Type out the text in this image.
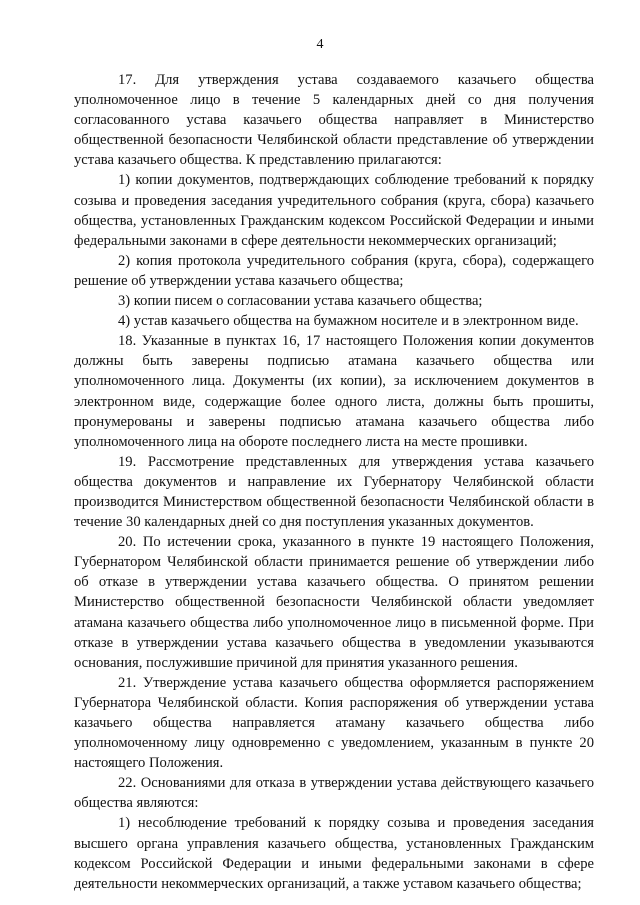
4

17. Для утверждения устава создаваемого казачьего общества уполномоченное лицо в течение 5 календарных дней со дня получения согласованного устава казачьего общества направляет в Министерство общественной безопасности Челябинской области представление об утверждении устава казачьего общества. К представлению прилагаются:

1) копии документов, подтверждающих соблюдение требований к порядку созыва и проведения заседания учредительного собрания (круга, сбора) казачьего общества, установленных Гражданским кодексом Российской Федерации и иными федеральными законами в сфере деятельности некоммерческих организаций;

2) копия протокола учредительного собрания (круга, сбора), содержащего решение об утверждении устава казачьего общества;

3) копии писем о согласовании устава казачьего общества;

4) устав казачьего общества на бумажном носителе и в электронном виде.

18. Указанные в пунктах 16, 17 настоящего Положения копии документов должны быть заверены подписью атамана казачьего общества или уполномоченного лица. Документы (их копии), за исключением документов в электронном виде, содержащие более одного листа, должны быть прошиты, пронумерованы и заверены подписью атамана казачьего общества либо уполномоченного лица на обороте последнего листа на месте прошивки.

19. Рассмотрение представленных для утверждения устава казачьего общества документов и направление их Губернатору Челябинской области производится Министерством общественной безопасности Челябинской области в течение 30 календарных дней со дня поступления указанных документов.

20. По истечении срока, указанного в пункте 19 настоящего Положения, Губернатором Челябинской области принимается решение об утверждении либо об отказе в утверждении устава казачьего общества. О принятом решении Министерство общественной безопасности Челябинской области уведомляет атамана казачьего общества либо уполномоченное лицо в письменной форме. При отказе в утверждении устава казачьего общества в уведомлении указываются основания, послужившие причиной для принятия указанного решения.

21. Утверждение устава казачьего общества оформляется распоряжением Губернатора Челябинской области. Копия распоряжения об утверждении устава казачьего общества направляется атаману казачьего общества либо уполномоченному лицу одновременно с уведомлением, указанным в пункте 20 настоящего Положения.

22. Основаниями для отказа в утверждении устава действующего казачьего общества являются:

1) несоблюдение требований к порядку созыва и проведения заседания высшего органа управления казачьего общества, установленных Гражданским кодексом Российской Федерации и иными федеральными законами в сфере деятельности некоммерческих организаций, а также уставом казачьего общества;
